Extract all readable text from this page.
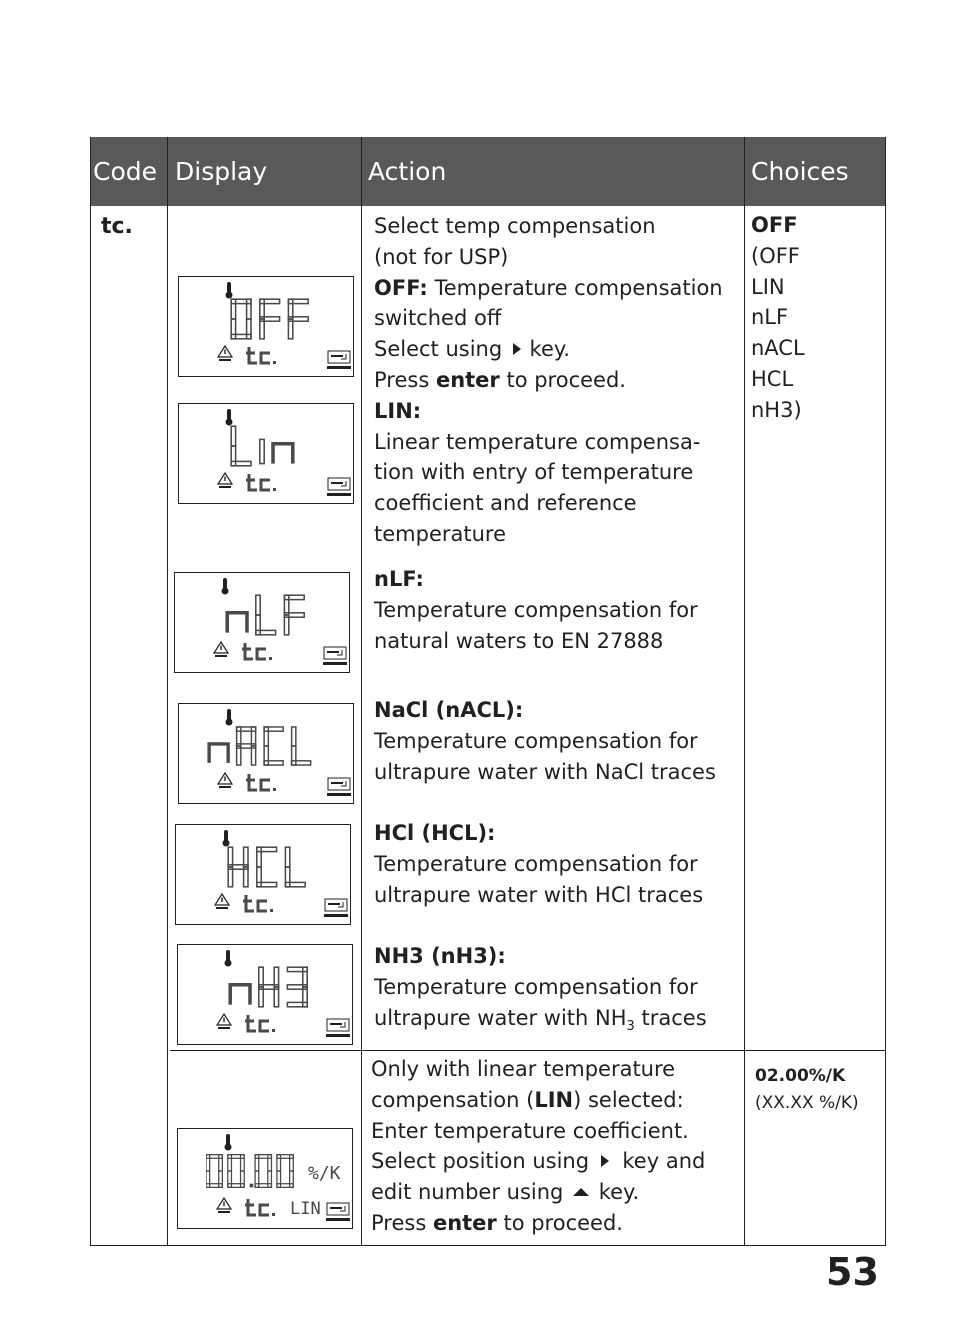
Code Display	Action	Choices
tc.
%/K
LIN
Select temp compensation
(not for USP)
OFF: Temperature compensation
switched off
Select using  key.
Press enter to proceed.
LIN:
Linear temperature compensa-
tion with entry of temperature
coefficient and reference
temperature
nLF:
Temperature compensation for
natural waters to EN 27888
NaCl (nACL):
Temperature compensation for
ultrapure water with NaCl traces
HCl (HCL):
Temperature compensation for
ultrapure water with HCl traces
NH3 (nH3):
Temperature compensation for
ultrapure water with $NH_3$ traces
OFF
(OFF
LIN
nLF
nACL
HCL
nH3)
Only with linear temperature
compensation (LIN) selected:
Enter temperature coefficient.
Select position using  key and
edit number using  key.
Press enter to proceed.
02.00%/K
(XX.XX %/K)
53
